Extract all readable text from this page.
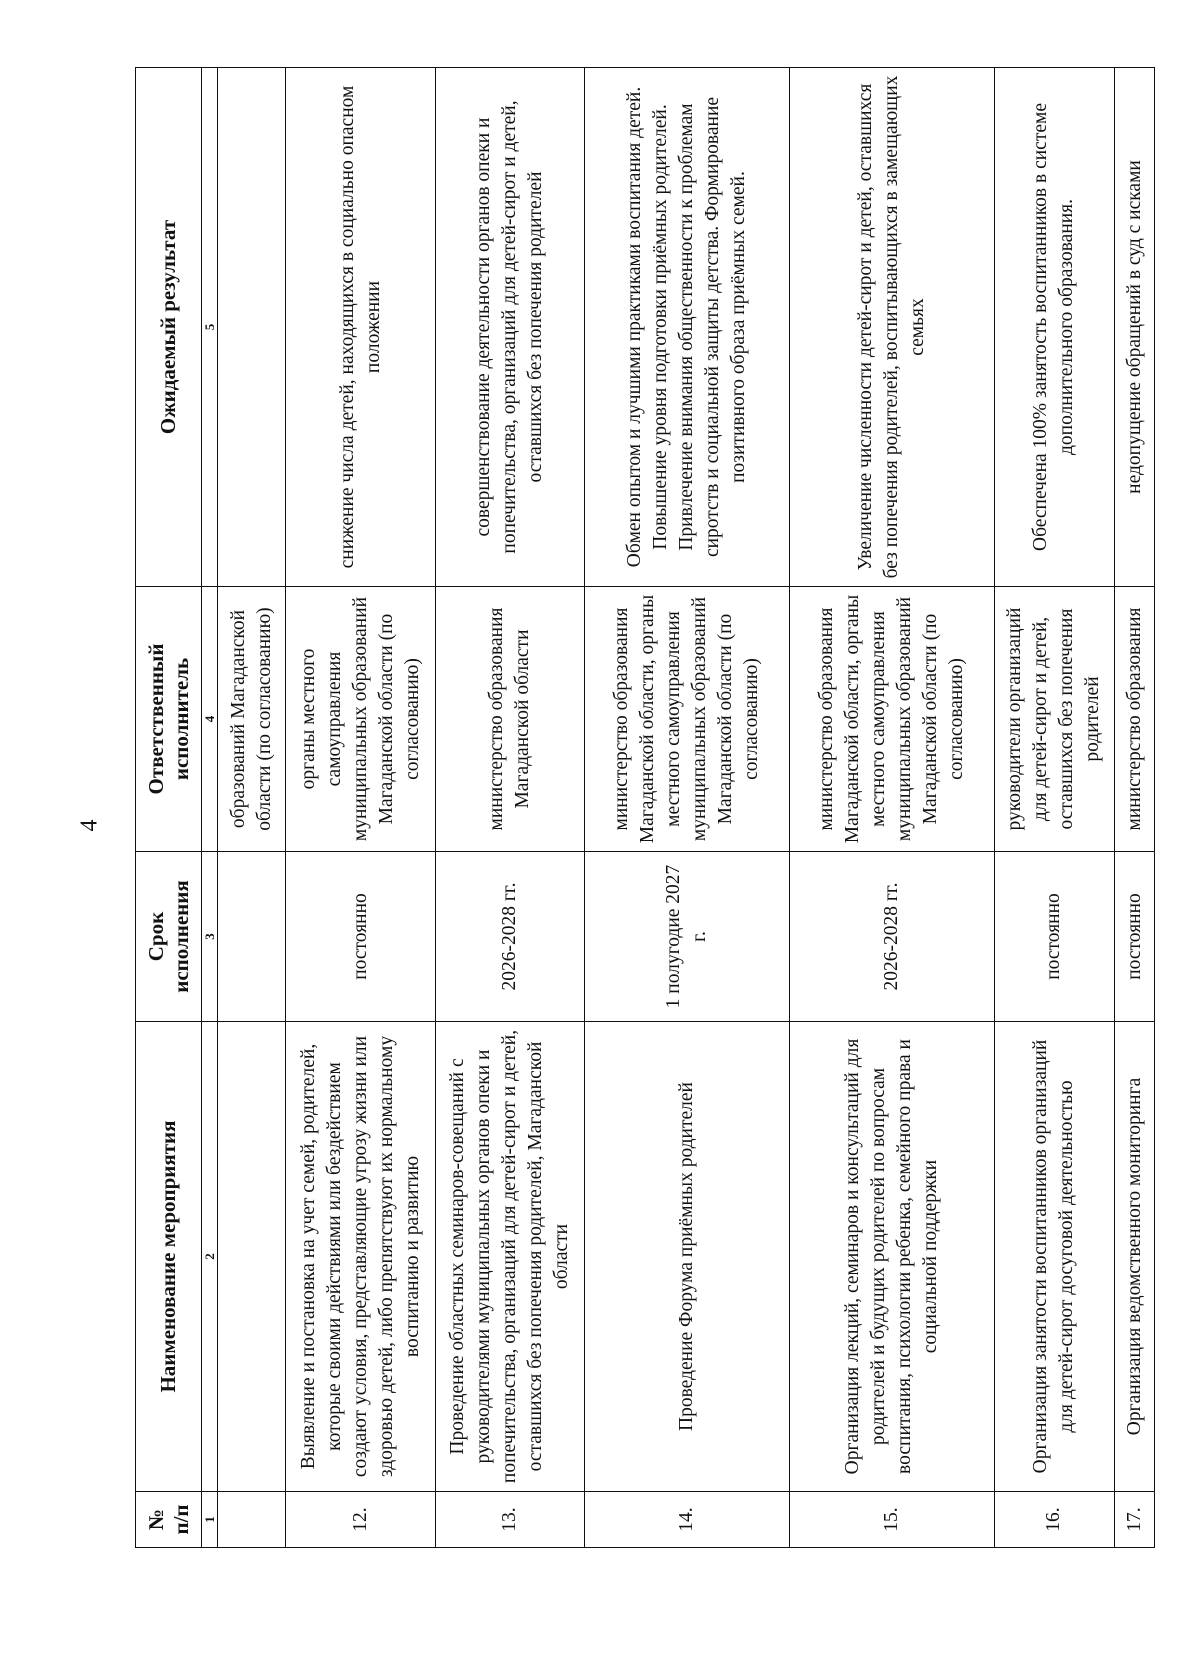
4
№ п/п	Наименование мероприятия	Срок исполнения	Ответственный исполнитель	Ожидаемый результат
1	2	3	4	5
			образований Магаданской области (по согласованию)	
12.	Выявление и постановка на учет семей, родителей, которые своими действиями или бездействием создают условия, представляющие угрозу жизни или здоровью детей, либо препятствуют их нормальному воспитанию и развитию	постоянно	органы местного самоуправления муниципальных образований Магаданской области (по согласованию)	снижение числа детей, находящихся в социально опасном положении
13.	Проведение областных семинаров-совещаний с руководителями муниципальных органов опеки и попечительства, организаций для детей-сирот и детей, оставшихся без попечения родителей, Магаданской области	2026-2028 гг.	министерство образования Магаданской области	совершенствование деятельности органов опеки и попечительства, организаций для детей-сирот и детей, оставшихся без попечения родителей
14.	Проведение Форума приёмных родителей	1 полугодие 2027 г.	министерство образования Магаданской области, органы местного самоуправления муниципальных образований Магаданской области (по согласованию)	Обмен опытом и лучшими практиками воспитания детей. Повышение уровня подготовки приёмных родителей. Привлечение внимания общественности к проблемам сиротств и социальной защиты детства. Формирование позитивного образа приёмных семей.
15.	Организация лекций, семинаров и консультаций для родителей и будущих родителей по вопросам воспитания, психологии ребенка, семейного права и социальной поддержки	2026-2028 гг.	министерство образования Магаданской области, органы местного самоуправления муниципальных образований Магаданской области (по согласованию)	Увеличение численности детей-сирот и детей, оставшихся без попечения родителей, воспитывающихся в замещающих семьях
16.	Организация занятости воспитанников организаций для детей-сирот досуговой деятельностью	постоянно	руководители организаций для детей-сирот и детей, оставшихся без попечения родителей	Обеспечена 100% занятость воспитанников в системе дополнительного образования.
17.	Организация ведомственного мониторинга	постоянно	министерство образования	недопущение обращений в суд с исками
